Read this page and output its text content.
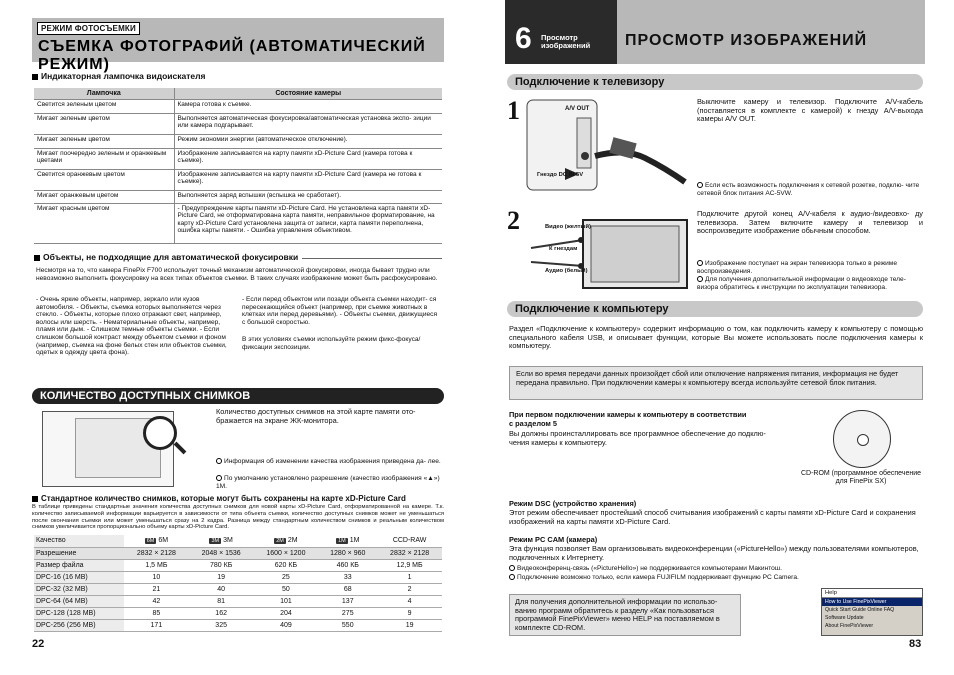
РЕЖИМ ФОТОСЪЕМКИ
СЪЕМКА ФОТОГРАФИЙ (АВТОМАТИЧЕСКИЙ РЕЖИМ)
Индикаторная лампочка видоискателя
Лампочка	Состояние камеры
Светится зеленым цветом	Камера готова к съемке.
Мигает зеленым цветом	Выполняется автоматическая фокусировка/автоматическая установка экспо- зиции или камера подгарывает.
Мигает зеленым цветом	Режим экономии энергии (автоматическое отключение).
Мигает поочередно зеленым и оранжевым цветами	Изображение записывается на карту памяти xD-Picture Card (камера готова к съемке).
Светится оранжевым цветом	Изображение записывается на карту памяти xD-Picture Card (камера не готова к съемке).
Мигает оранжевым цветом	Выполняется заряд вспышки (вспышка не сработает).
Мигает красным цветом	- Предупреждение карты памяти xD-Picture Card. Не установлена карта памяти xD-Picture Card, не отформатирована карта памяти, неправильное форматирование, на карту xD-Picture Card установлена защита от записи, карта памяти переполнена, ошибка карты памяти. - Ошибка управления объективом.
Объекты, не подходящие для автоматической фокусировки
Несмотря на то, что камера FinePix F700 использует точный механизм автоматической фокусировки, иногда бывает трудно или невозможно выполнить фокусировку на всех типах объектов съемки. В таких случаях изображение может быть расфокусировано.
- Очень яркие объекты, например, зеркало или кузов автомобиля. - Объекты, съемка которых выполняется через стекло. - Объекты, которые плохо отражают свет, например, волосы или шерсть. - Нематериальные объекты, например, пламя или дым. - Слишком темные объекты съемки. - Если слишком большой контраст между объектом съемки и фоном (например, съемка на фоне белых стен или объектов съемки, одетых в одежду цвета фона).
- Если перед объектом или позади объекта съемки находит- ся пересекающийся объект (например, при съемке животных в клетках или перед деревьями). - Объекты съемки, движущиеся с большой скоростью.
В этих условиях съемки используйте режим фикс-фокуса/ фиксации экспозиции.
КОЛИЧЕСТВО ДОСТУПНЫХ СНИМКОВ
Количество доступных снимков на этой карте памяти ото- бражается на экране ЖК-монитора.
Информация об изменении качества изображения приведена да- лее.
По умолчанию установлено разрешение (качество изображения «▲») 1M.
Стандартное количество снимков, которые могут быть сохранены на карте xD-Picture Card
В таблице приведены стандартные значения количества доступных снимков для новой карты xD-Picture Card, отформатированной на камере. Т.к. количество записываемой информации варьируется в зависимости от типа объекта съемки, количество доступных снимков может не уменьшаться после окончания съемки или может уменьшаться сразу на 2 кадра. Разница между стандартным количеством снимков и реальным количеством снимков увеличивается пропорционально объему карты xD-Picture Card.
Качество	6M 6M	3M 3M	2M 2M	1M 1M	CCD-RAW
Разрешение	2832 × 2128	2048 × 1536	1600 × 1200	1280 × 960	2832 × 2128
Размер файла	1,5 МБ	780 КБ	620 КБ	460 КБ	12,9 МБ
DPC-16 (16 MB)	10	19	25	33	1
DPC-32 (32 MB)	21	40	50	68	2
DPC-64 (64 MB)	42	81	101	137	4
DPC-128 (128 MB)	85	162	204	275	9
DPC-256 (256 MB)	171	325	409	550	19
22
6 Просмотр изображений	ПРОСМОТР ИЗОБРАЖЕНИЙ
Подключение к телевизору
1	A/V OUT
Гнездо DC IN 5V
Выключите камеру и телевизор. Подключите A/V-кабель (поставляется в комплекте с камерой) к гнезду A/V-выхода камеры A/V OUT.
Если есть возможность подключения к сетевой розетке, подклю- чите сетевой блок питания AC-5VW.
2	Видео (желтый)
К гнездам
Аудио (белый)
Подключите другой конец A/V-кабеля к аудио-/видеовхо- ду телевизора. Затем включите камеру и телевизор и воспроизведите изображение обычным способом.
Изображение поступает на экран телевизора только в режиме воспроизведения.
Для получения дополнительной информации о видеовходе теле- визора обратитесь к инструкции по эксплуатации телевизора.
Подключение к компьютеру
Раздел «Подключение к компьютеру» содержит информацию о том, как подключить камеру к компьютеру с помощью специального кабеля USB, и описывает функции, которые Вы можете использовать после подключения камеры к компьютеру.
Если во время передачи данных произойдет сбой или отключение напряжения питания, информация не будет передана правильно. При подключении камеры к компьютеру всегда используйте сетевой блок питания.
При первом подключении камеры к компьютеру в соответствии с разделом 5
Вы должны проинсталлировать все программное обеспечение до подклю- чения камеры к компьютеру.
CD-ROM (программное обеспечение для FinePix SX)
Режим DSC (устройство хранения)
Этот режим обеспечивает простейший способ считывания изображений с карты памяти xD-Picture Card и сохранения изображений на карты памяти xD-Picture Card.
Режим PC CAM (камера)
Эта функция позволяет Вам организовывать видеоконференции («PictureHello») между пользователями компьютеров, подключенных к Интернету.
Видеоконференц-связь («PictureHello») не поддерживается компьютерами Макинтош.
Подключение возможно только, если камера FUJIFILM поддерживает функцию PC Camera.
Для получения дополнительной информации по использо- ванию программ обратитесь к разделу «Как пользоваться программой FinePixViewer» меню HELP на поставляемом в комплекте CD-ROM.
Help
How to Use FinePixViewer
Quick Start Guide Online FAQ
Software Update
About FinePixViewer
83
